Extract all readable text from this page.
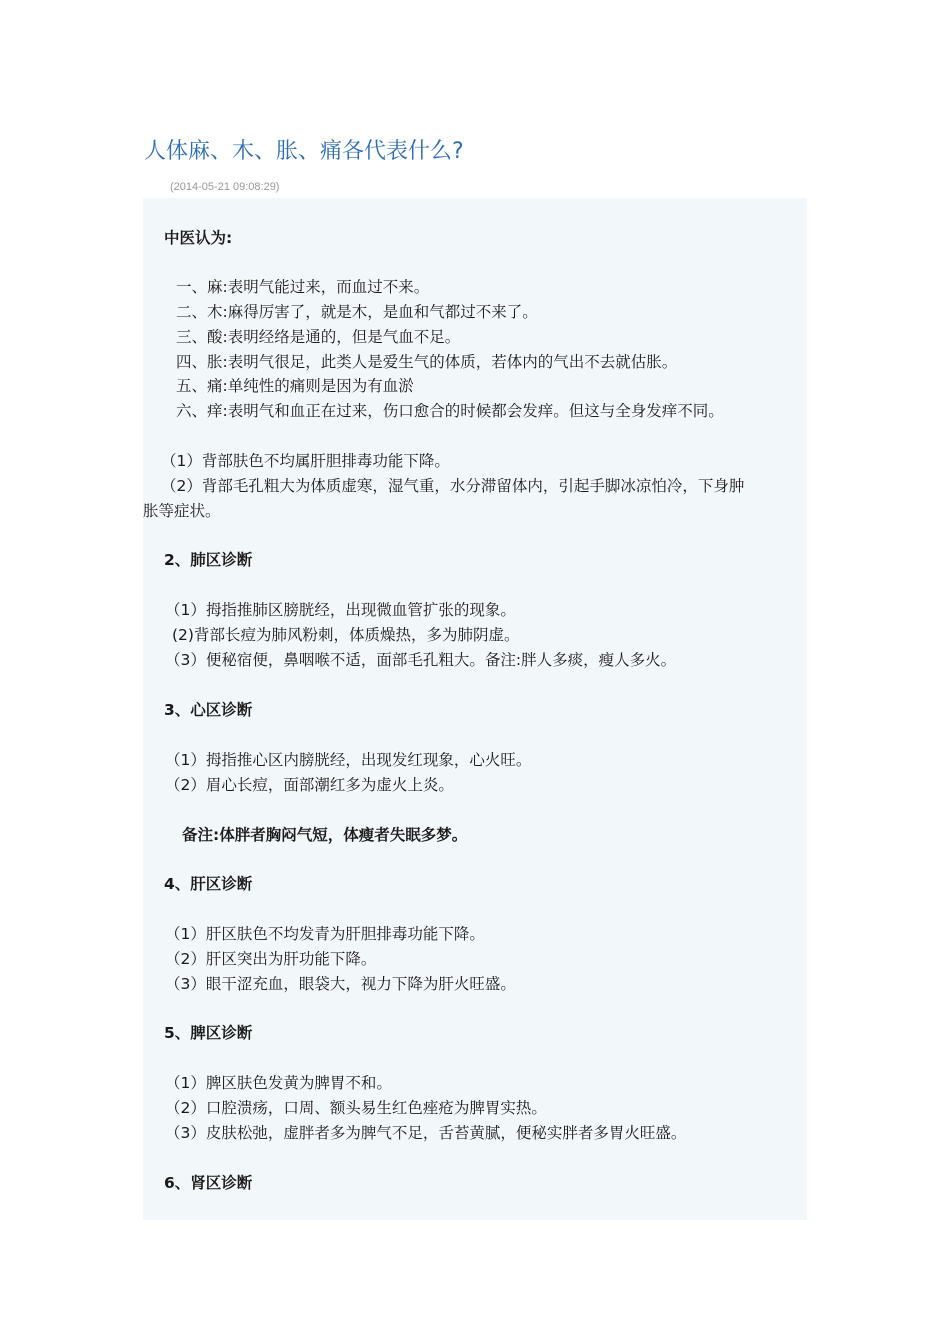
人体麻、木、胀、痛各代表什么?
(2014-05-21 09:08:29)
中医认为:
一、麻:表明气能过来，而血过不来。
二、木:麻得厉害了，就是木，是血和气都过不来了。
三、酸:表明经络是通的，但是气血不足。
四、胀:表明气很足，此类人是爱生气的体质，若体内的气出不去就估胀。
五、痛:单纯性的痛则是因为有血淤
六、痒:表明气和血正在过来，伤口愈合的时候都会发痒。但这与全身发痒不同。
（1）背部肤色不均属肝胆排毒功能下降。
（2）背部毛孔粗大为体质虚寒，湿气重，水分滞留体内，引起手脚冰凉怕冷，下身肿
胀等症状。
2、肺区诊断
（1）拇指推肺区膀胱经，出现微血管扩张的现象。
(2)背部长痘为肺风粉刺，体质燥热，多为肺阴虚。
（3）便秘宿便，鼻咽喉不适，面部毛孔粗大。备注:胖人多痰，瘦人多火。
3、心区诊断
（1）拇指推心区内膀胱经，出现发红现象，心火旺。
（2）眉心长痘，面部潮红多为虚火上炎。
备注:体胖者胸闷气短，体瘦者失眠多梦。
4、肝区诊断
（1）肝区肤色不均发青为肝胆排毒功能下降。
（2）肝区突出为肝功能下降。
（3）眼干涩充血，眼袋大，视力下降为肝火旺盛。
5、脾区诊断
（1）脾区肤色发黄为脾胃不和。
（2）口腔溃疡，口周、额头易生红色痤疮为脾胃实热。
（3）皮肤松弛，虚胖者多为脾气不足，舌苔黄腻，便秘实胖者多胃火旺盛。
6、肾区诊断
